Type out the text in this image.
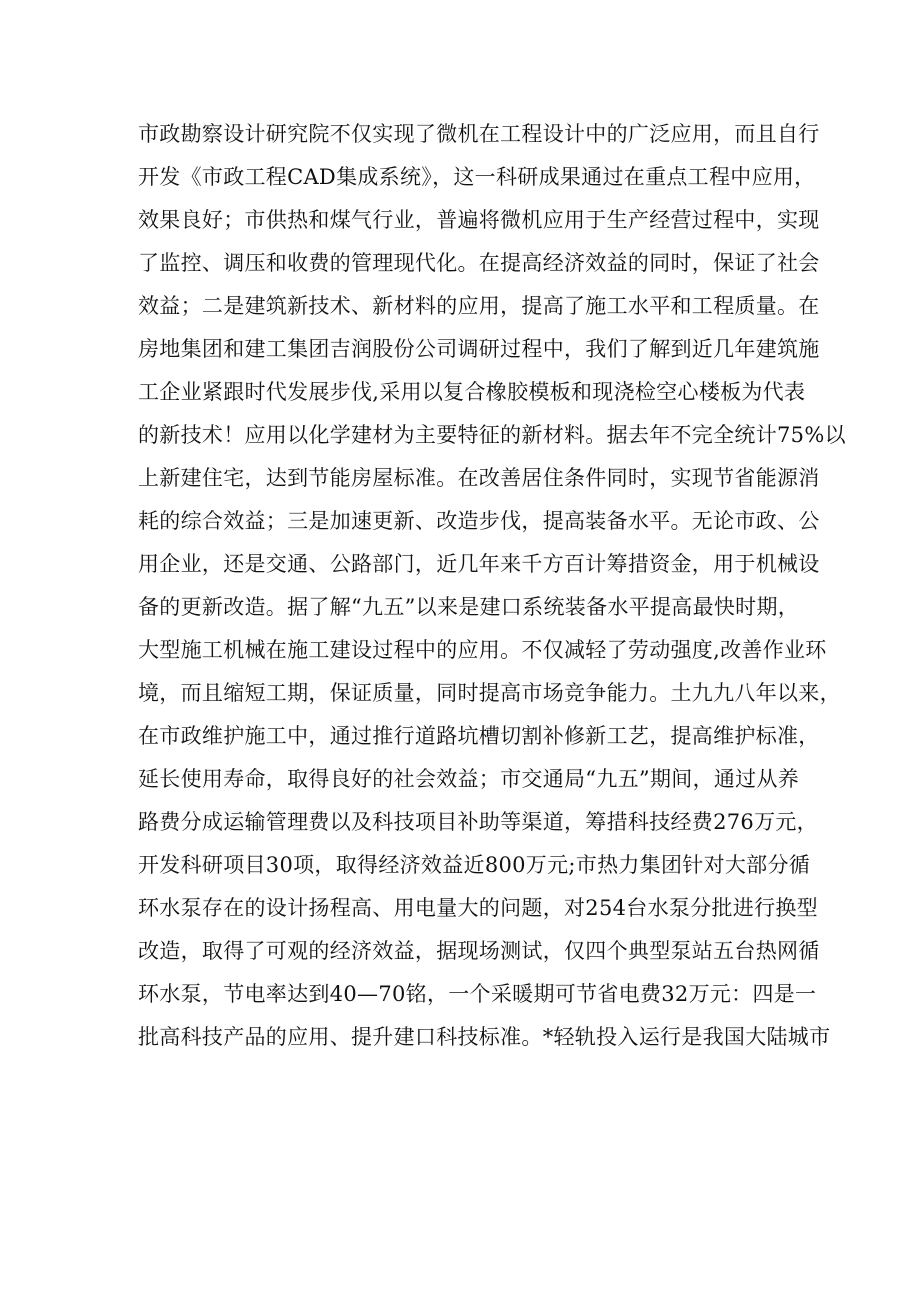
市政勘察设计研究院不仅实现了微机在工程设计中的广泛应用，而且自行
开发《市政工程CAD集成系统》，这一科研成果通过在重点工程中应用，
效果良好；市供热和煤气行业，普遍将微机应用于生产经营过程中，实现
了监控、调压和收费的管理现代化。在提高经济效益的同时，保证了社会
效益；二是建筑新技术、新材料的应用，提高了施工水平和工程质量。在
房地集团和建工集团吉润股份公司调研过程中，我们了解到近几年建筑施
工企业紧跟时代发展步伐,采用以复合橡胶模板和现浇检空心楼板为代表
的新技术！应用以化学建材为主要特征的新材料。据去年不完全统计75%以
上新建住宅，达到节能房屋标准。在改善居住条件同时，实现节省能源消
耗的综合效益；三是加速更新、改造步伐，提高装备水平。无论市政、公
用企业，还是交通、公路部门，近几年来千方百计筹措资金，用于机械设
备的更新改造。据了解“九五”以来是建口系统装备水平提高最快时期，
大型施工机械在施工建设过程中的应用。不仅减轻了劳动强度,改善作业环
境，而且缩短工期，保证质量，同时提高市场竞争能力。土九九八年以来，
在市政维护施工中，通过推行道路坑槽切割补修新工艺，提高维护标准，
延长使用寿命，取得良好的社会效益；市交通局“九五”期间，通过从养
路费分成运输管理费以及科技项目补助等渠道，筹措科技经费276万元，
开发科研项目30项，取得经济效益近800万元;市热力集团针对大部分循
环水泵存在的设计扬程高、用电量大的问题，对254台水泵分批进行换型
改造，取得了可观的经济效益，据现场测试，仅四个典型泵站五台热网循
环水泵，节电率达到40—70铭，一个采暖期可节省电费32万元：四是一
批高科技产品的应用、提升建口科技标准。*轻轨投入运行是我国大陆城市
